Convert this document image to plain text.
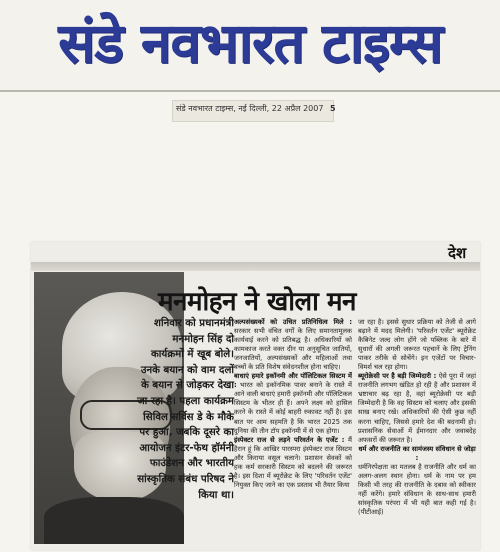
संडे नवभारत टाइम्स
संडे नवभारत टाइम्स, नई दिल्ली, 22 अप्रैल 2007 5
देश
मनमोहन ने खोला मन
शनिवार को प्रधानमंत्री मनमोहन सिंह दो कार्यक्रमों में खूब बोले। उनके बयान को वाम दलों के बयान से जोड़कर देखा जा रहा है। पहला कार्यक्रम सिविल सर्विस डे के मौके पर हुआ, जबकि दूसरे का आयोजन इंटर-फेथ हॉर्मनी फाउंडेशन और भारतीय सांस्कृतिक संबंध परिषद ने किया था।
अल्पसंख्यकों को उचित प्रतिनिधित्व मिले : सरकार सभी वंचित वर्गों के लिए समानतामूलक कार्यवाई करने को प्रतिबद्ध है। अधिकारियों को कामकाज करते वक्त दीन या अनुसूचित जातियों, जनजातियों, अल्पसंख्यकों और महिलाओं तथा बच्चों के प्रति विशेष संवेदनशील होना चाहिए।
बाधाएं हमारे इकॉनमी और पॉलिटिकल सिस्टम में : भारत को इकॉनमिक पावर बनाने के रास्ते में आने वाली बाधाएं हमारी इकॉनमी और पॉलिटिकल सिस्टम के भीतर ही हैं। अपने लक्ष्य को हासिल करने के रास्ते में कोई बाहरी रुकावट नहीं है। इस बात पर आम सहमति है कि भारत 2025 तक दुनिया की तीन टॉप इकॉनमी में से एक होगा।
इंस्पेक्टर राज से लड़ने परिवर्तन के एजेंट : मैं हैरान हूं कि आखिर पारस्परा इंस्पेक्टर राज सिस्टम और किराया वसूल चलाने। प्रशासन सेवकों को हक कर्म सरकारी सिस्टम को बदलने की जरूरत है। इस दिशा में ब्यूरोक्रेट के लिए 'परिवर्तन एजेंट' नियुक्त किए जाने का एक प्रस्ताव भी तैयार किया
जा रहा है। इससे सुधार प्रक्रिया को तेजी से आगे बढ़ाने में मदद मिलेगी। 'परिवर्तन एजेंट' ब्यूरोक्रेट कैबिनेट जल्द लोग होंगे जो पब्लिक के बारे में सुधारों की अगली जरूरत पहचानें के लिए ट्रेनिंग पाकर तरीके से सोचेंगे। इन एजेंटों पर विचार-विमर्श चल रहा होगा।
ब्यूरोक्रेसी पर है बड़ी जिम्मेदारी : ऐसे पूरा में जहां राजनीति लगभग खंडित हो रही है और प्रशासन में भ्रष्टाचार बढ़ रहा है, वहां ब्यूरोक्रेसी पर बड़ी जिम्मेदारी है कि वह सिस्टम को चलाए और इसकी साख बनाए रखे। अधिकारियों की ऐसी कुछ नहीं करना चाहिए, जिससे हमारे देश की बदनामी हो। प्रशासनिक सेवाओं में ईमानदार और जवाबदेह अफसरों की जरूरत है।

धर्म और राजनीति का सामंजस्य संविधान से जोड़ा :
धर्मनिरपेक्षता का मतलब है राजनीति और धर्म का अलग-अलग स्थान होना। धर्म के नाम पर हम किसी भी तरह की राजनीति के दबाव को स्वीकार नहीं करेंगे। हमारे संविधान के साथ-साथ हमारी सांस्कृतिक परंपरा में भी यही बात कही गई है। (पीटीआई)
